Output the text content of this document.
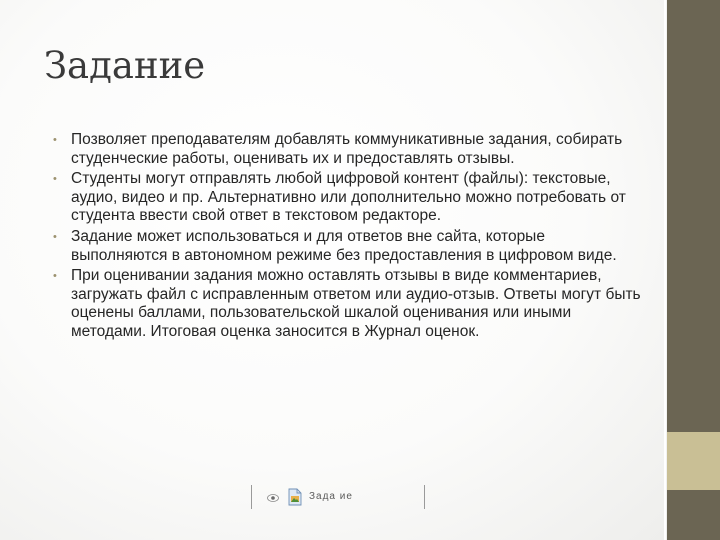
Задание
• Позволяет преподавателям добавлять коммуникативные задания, собирать студенческие работы, оценивать их и предоставлять отзывы.
• Студенты могут отправлять любой цифровой контент (файлы): текстовые, аудио, видео и пр. Альтернативно или дополнительно можно потребовать от студента ввести свой ответ в текстовом редакторе.
• Задание может использоваться и для ответов вне сайта, которые выполняются в автономном режиме без предоставления в цифровом виде.
• При оценивании задания можно оставлять отзывы в виде комментариев, загружать файл с исправленным ответом или аудио-отзыв. Ответы могут быть оценены баллами, пользовательской шкалой оценивания или иными методами. Итоговая оценка заносится в Журнал оценок.
Зада ие
